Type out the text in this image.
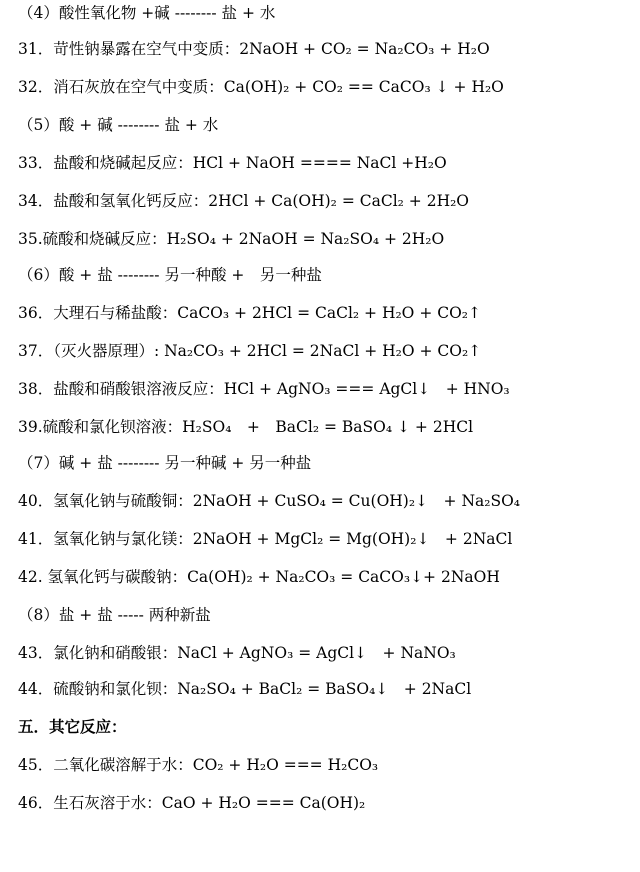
（4）酸性氧化物 +碱 -------- 盐 + 水
31．苛性钠暴露在空气中变质：2NaOH + CO₂ = Na₂CO₃ + H₂O
32．消石灰放在空气中变质：Ca(OH)₂ + CO₂ == CaCO₃ ↓ + H₂O
（5）酸 + 碱 -------- 盐 + 水
33．盐酸和烧碱起反应：HCl + NaOH ==== NaCl +H₂O
34．盐酸和氢氧化钙反应：2HCl + Ca(OH)₂ = CaCl₂ + 2H₂O
35.硫酸和烧碱反应：H₂SO₄ + 2NaOH = Na₂SO₄ + 2H₂O
（6）酸 + 盐 -------- 另一种酸 +　另一种盐
36．大理石与稀盐酸：CaCO₃ + 2HCl = CaCl₂ + H₂O + CO₂↑
37．（灭火器原理）: Na₂CO₃ + 2HCl = 2NaCl + H₂O + CO₂↑
38．盐酸和硝酸银溶液反应：HCl + AgNO₃ === AgCl↓　+ HNO₃
39.硫酸和氯化钡溶液：H₂SO₄　+　BaCl₂ = BaSO₄ ↓ + 2HCl
（7）碱 + 盐 -------- 另一种碱 + 另一种盐
40．氢氧化钠与硫酸铜：2NaOH + CuSO₄ = Cu(OH)₂↓　+ Na₂SO₄
41．氢氧化钠与氯化镁：2NaOH + MgCl₂ = Mg(OH)₂↓　+ 2NaCl
42. 氢氧化钙与碳酸钠：Ca(OH)₂ + Na₂CO₃ = CaCO₃↓+ 2NaOH
（8）盐 + 盐 ----- 两种新盐
43．氯化钠和硝酸银：NaCl + AgNO₃ = AgCl↓　+ NaNO₃
44．硫酸钠和氯化钡：Na₂SO₄ + BaCl₂ = BaSO₄↓　+ 2NaCl
五．其它反应：
45．二氧化碳溶解于水：CO₂ + H₂O === H₂CO₃
46．生石灰溶于水：CaO + H₂O === Ca(OH)₂
